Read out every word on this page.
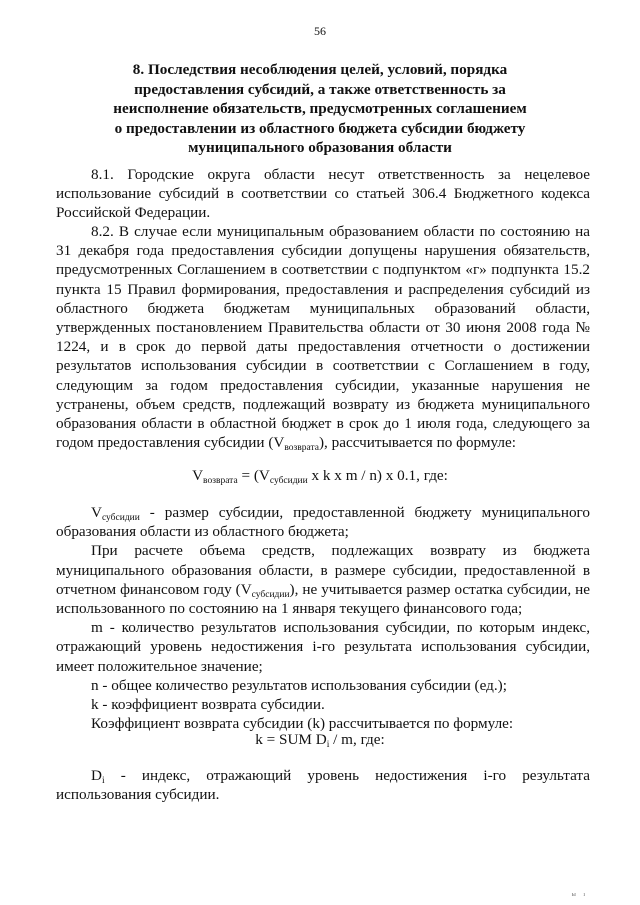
56
8. Последствия несоблюдения целей, условий, порядка предоставления субсидий, а также ответственность за неисполнение обязательств, предусмотренных соглашением о предоставлении из областного бюджета субсидии бюджету муниципального образования области

8.1. Городские округа области несут ответственность за нецелевое использование субсидий в соответствии со статьей 306.4 Бюджетного кодекса Российской Федерации.

8.2. В случае если муниципальным образованием области по состоянию на 31 декабря года предоставления субсидии допущены нарушения обязательств, предусмотренных Соглашением в соответствии с подпунктом «г» подпункта 15.2 пункта 15 Правил формирования, предоставления и распределения субсидий из областного бюджета бюджетам муниципальных образований области, утвержденных постановлением Правительства области от 30 июня 2008 года № 1224, и в срок до первой даты предоставления отчетности о достижении результатов использования субсидии в соответствии с Соглашением в году, следующим за годом предоставления субсидии, указанные нарушения не устранены, объем средств, подлежащий возврату из бюджета муниципального образования области в областной бюджет в срок до 1 июля года, следующего за годом предоставления субсидии $(V_{возврата})$, рассчитывается по формуле:

$V_{возврата} = (V_{субсидии}$ x k x m / n) x 0.1, где:

$V_{субсидии}$ - размер субсидии, предоставленной бюджету муниципального образования области из областного бюджета;

При расчете объема средств, подлежащих возврату из бюджета муниципального образования области, в размере субсидии, предоставленной в отчетном финансовом году $(V_{субсидии})$, не учитывается размер остатка субсидии, не использованного по состоянию на 1 января текущего финансового года;

m - количество результатов использования субсидии, по которым индекс, отражающий уровень недостижения i-го результата использования субсидии, имеет положительное значение;

n - общее количество результатов использования субсидии (ед.);

k - коэффициент возврата субсидии.

Коэффициент возврата субсидии (k) рассчитывается по формуле:

k = SUM $D_i$ / m, где:

$D_i$ - индекс, отражающий уровень недостижения i-го результата использования субсидии.

ы ı
